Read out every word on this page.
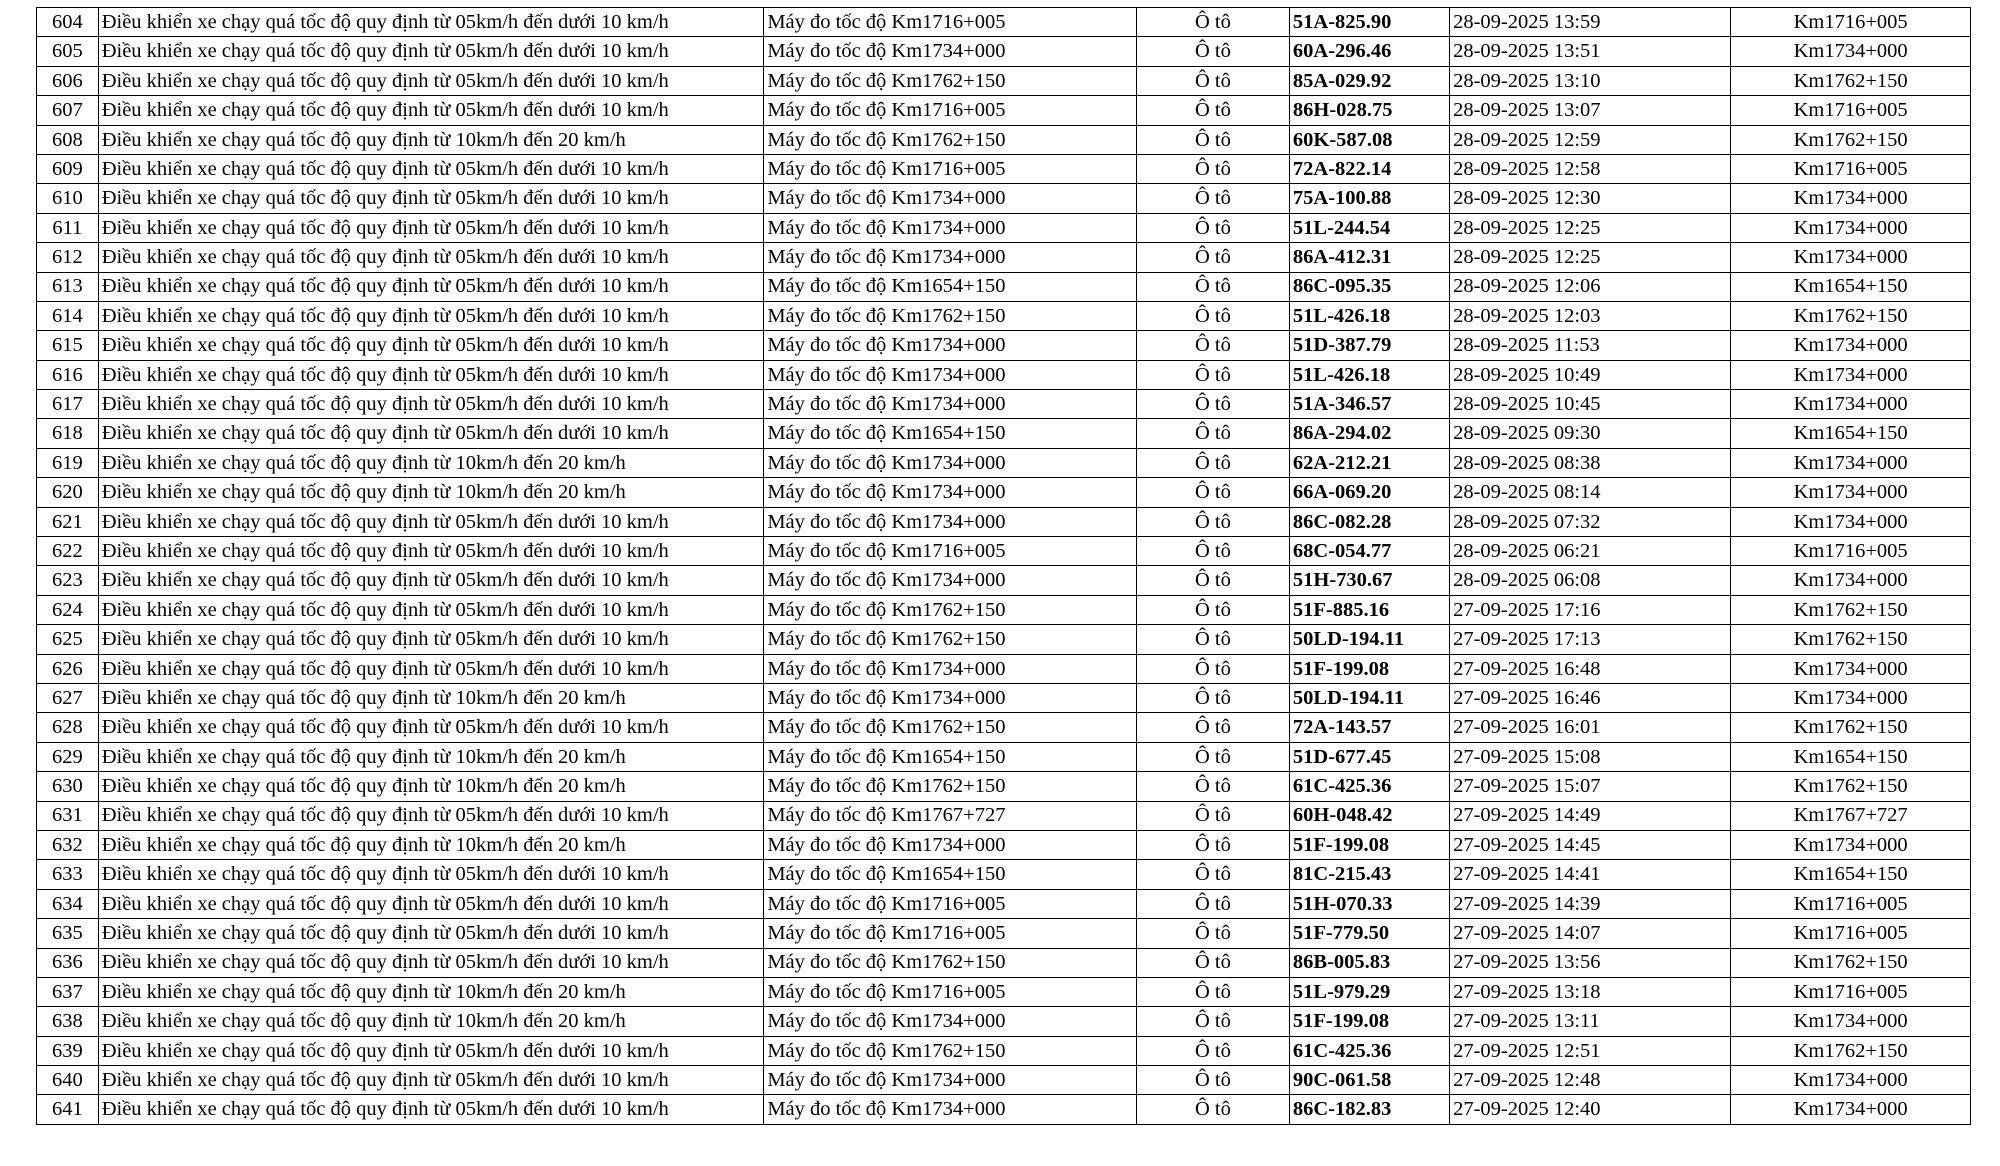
604	Điều khiển xe chạy quá tốc độ quy định từ 05km/h đến dưới 10 km/h	Máy đo tốc độ Km1716+005	Ô tô	51A-825.90	28-09-2025 13:59	Km1716+005
605	Điều khiển xe chạy quá tốc độ quy định từ 05km/h đến dưới 10 km/h	Máy đo tốc độ Km1734+000	Ô tô	60A-296.46	28-09-2025 13:51	Km1734+000
606	Điều khiển xe chạy quá tốc độ quy định từ 05km/h đến dưới 10 km/h	Máy đo tốc độ Km1762+150	Ô tô	85A-029.92	28-09-2025 13:10	Km1762+150
607	Điều khiển xe chạy quá tốc độ quy định từ 05km/h đến dưới 10 km/h	Máy đo tốc độ Km1716+005	Ô tô	86H-028.75	28-09-2025 13:07	Km1716+005
608	Điều khiển xe chạy quá tốc độ quy định từ 10km/h đến 20 km/h	Máy đo tốc độ Km1762+150	Ô tô	60K-587.08	28-09-2025 12:59	Km1762+150
609	Điều khiển xe chạy quá tốc độ quy định từ 05km/h đến dưới 10 km/h	Máy đo tốc độ Km1716+005	Ô tô	72A-822.14	28-09-2025 12:58	Km1716+005
610	Điều khiển xe chạy quá tốc độ quy định từ 05km/h đến dưới 10 km/h	Máy đo tốc độ Km1734+000	Ô tô	75A-100.88	28-09-2025 12:30	Km1734+000
611	Điều khiển xe chạy quá tốc độ quy định từ 05km/h đến dưới 10 km/h	Máy đo tốc độ Km1734+000	Ô tô	51L-244.54	28-09-2025 12:25	Km1734+000
612	Điều khiển xe chạy quá tốc độ quy định từ 05km/h đến dưới 10 km/h	Máy đo tốc độ Km1734+000	Ô tô	86A-412.31	28-09-2025 12:25	Km1734+000
613	Điều khiển xe chạy quá tốc độ quy định từ 05km/h đến dưới 10 km/h	Máy đo tốc độ Km1654+150	Ô tô	86C-095.35	28-09-2025 12:06	Km1654+150
614	Điều khiển xe chạy quá tốc độ quy định từ 05km/h đến dưới 10 km/h	Máy đo tốc độ Km1762+150	Ô tô	51L-426.18	28-09-2025 12:03	Km1762+150
615	Điều khiển xe chạy quá tốc độ quy định từ 05km/h đến dưới 10 km/h	Máy đo tốc độ Km1734+000	Ô tô	51D-387.79	28-09-2025 11:53	Km1734+000
616	Điều khiển xe chạy quá tốc độ quy định từ 05km/h đến dưới 10 km/h	Máy đo tốc độ Km1734+000	Ô tô	51L-426.18	28-09-2025 10:49	Km1734+000
617	Điều khiển xe chạy quá tốc độ quy định từ 05km/h đến dưới 10 km/h	Máy đo tốc độ Km1734+000	Ô tô	51A-346.57	28-09-2025 10:45	Km1734+000
618	Điều khiển xe chạy quá tốc độ quy định từ 05km/h đến dưới 10 km/h	Máy đo tốc độ Km1654+150	Ô tô	86A-294.02	28-09-2025 09:30	Km1654+150
619	Điều khiển xe chạy quá tốc độ quy định từ 10km/h đến 20 km/h	Máy đo tốc độ Km1734+000	Ô tô	62A-212.21	28-09-2025 08:38	Km1734+000
620	Điều khiển xe chạy quá tốc độ quy định từ 10km/h đến 20 km/h	Máy đo tốc độ Km1734+000	Ô tô	66A-069.20	28-09-2025 08:14	Km1734+000
621	Điều khiển xe chạy quá tốc độ quy định từ 05km/h đến dưới 10 km/h	Máy đo tốc độ Km1734+000	Ô tô	86C-082.28	28-09-2025 07:32	Km1734+000
622	Điều khiển xe chạy quá tốc độ quy định từ 05km/h đến dưới 10 km/h	Máy đo tốc độ Km1716+005	Ô tô	68C-054.77	28-09-2025 06:21	Km1716+005
623	Điều khiển xe chạy quá tốc độ quy định từ 05km/h đến dưới 10 km/h	Máy đo tốc độ Km1734+000	Ô tô	51H-730.67	28-09-2025 06:08	Km1734+000
624	Điều khiển xe chạy quá tốc độ quy định từ 05km/h đến dưới 10 km/h	Máy đo tốc độ Km1762+150	Ô tô	51F-885.16	27-09-2025 17:16	Km1762+150
625	Điều khiển xe chạy quá tốc độ quy định từ 05km/h đến dưới 10 km/h	Máy đo tốc độ Km1762+150	Ô tô	50LD-194.11	27-09-2025 17:13	Km1762+150
626	Điều khiển xe chạy quá tốc độ quy định từ 05km/h đến dưới 10 km/h	Máy đo tốc độ Km1734+000	Ô tô	51F-199.08	27-09-2025 16:48	Km1734+000
627	Điều khiển xe chạy quá tốc độ quy định từ 10km/h đến 20 km/h	Máy đo tốc độ Km1734+000	Ô tô	50LD-194.11	27-09-2025 16:46	Km1734+000
628	Điều khiển xe chạy quá tốc độ quy định từ 05km/h đến dưới 10 km/h	Máy đo tốc độ Km1762+150	Ô tô	72A-143.57	27-09-2025 16:01	Km1762+150
629	Điều khiển xe chạy quá tốc độ quy định từ 10km/h đến 20 km/h	Máy đo tốc độ Km1654+150	Ô tô	51D-677.45	27-09-2025 15:08	Km1654+150
630	Điều khiển xe chạy quá tốc độ quy định từ 10km/h đến 20 km/h	Máy đo tốc độ Km1762+150	Ô tô	61C-425.36	27-09-2025 15:07	Km1762+150
631	Điều khiển xe chạy quá tốc độ quy định từ 05km/h đến dưới 10 km/h	Máy đo tốc độ Km1767+727	Ô tô	60H-048.42	27-09-2025 14:49	Km1767+727
632	Điều khiển xe chạy quá tốc độ quy định từ 10km/h đến 20 km/h	Máy đo tốc độ Km1734+000	Ô tô	51F-199.08	27-09-2025 14:45	Km1734+000
633	Điều khiển xe chạy quá tốc độ quy định từ 05km/h đến dưới 10 km/h	Máy đo tốc độ Km1654+150	Ô tô	81C-215.43	27-09-2025 14:41	Km1654+150
634	Điều khiển xe chạy quá tốc độ quy định từ 05km/h đến dưới 10 km/h	Máy đo tốc độ Km1716+005	Ô tô	51H-070.33	27-09-2025 14:39	Km1716+005
635	Điều khiển xe chạy quá tốc độ quy định từ 05km/h đến dưới 10 km/h	Máy đo tốc độ Km1716+005	Ô tô	51F-779.50	27-09-2025 14:07	Km1716+005
636	Điều khiển xe chạy quá tốc độ quy định từ 05km/h đến dưới 10 km/h	Máy đo tốc độ Km1762+150	Ô tô	86B-005.83	27-09-2025 13:56	Km1762+150
637	Điều khiển xe chạy quá tốc độ quy định từ 10km/h đến 20 km/h	Máy đo tốc độ Km1716+005	Ô tô	51L-979.29	27-09-2025 13:18	Km1716+005
638	Điều khiển xe chạy quá tốc độ quy định từ 10km/h đến 20 km/h	Máy đo tốc độ Km1734+000	Ô tô	51F-199.08	27-09-2025 13:11	Km1734+000
639	Điều khiển xe chạy quá tốc độ quy định từ 05km/h đến dưới 10 km/h	Máy đo tốc độ Km1762+150	Ô tô	61C-425.36	27-09-2025 12:51	Km1762+150
640	Điều khiển xe chạy quá tốc độ quy định từ 05km/h đến dưới 10 km/h	Máy đo tốc độ Km1734+000	Ô tô	90C-061.58	27-09-2025 12:48	Km1734+000
641	Điều khiển xe chạy quá tốc độ quy định từ 05km/h đến dưới 10 km/h	Máy đo tốc độ Km1734+000	Ô tô	86C-182.83	27-09-2025 12:40	Km1734+000
